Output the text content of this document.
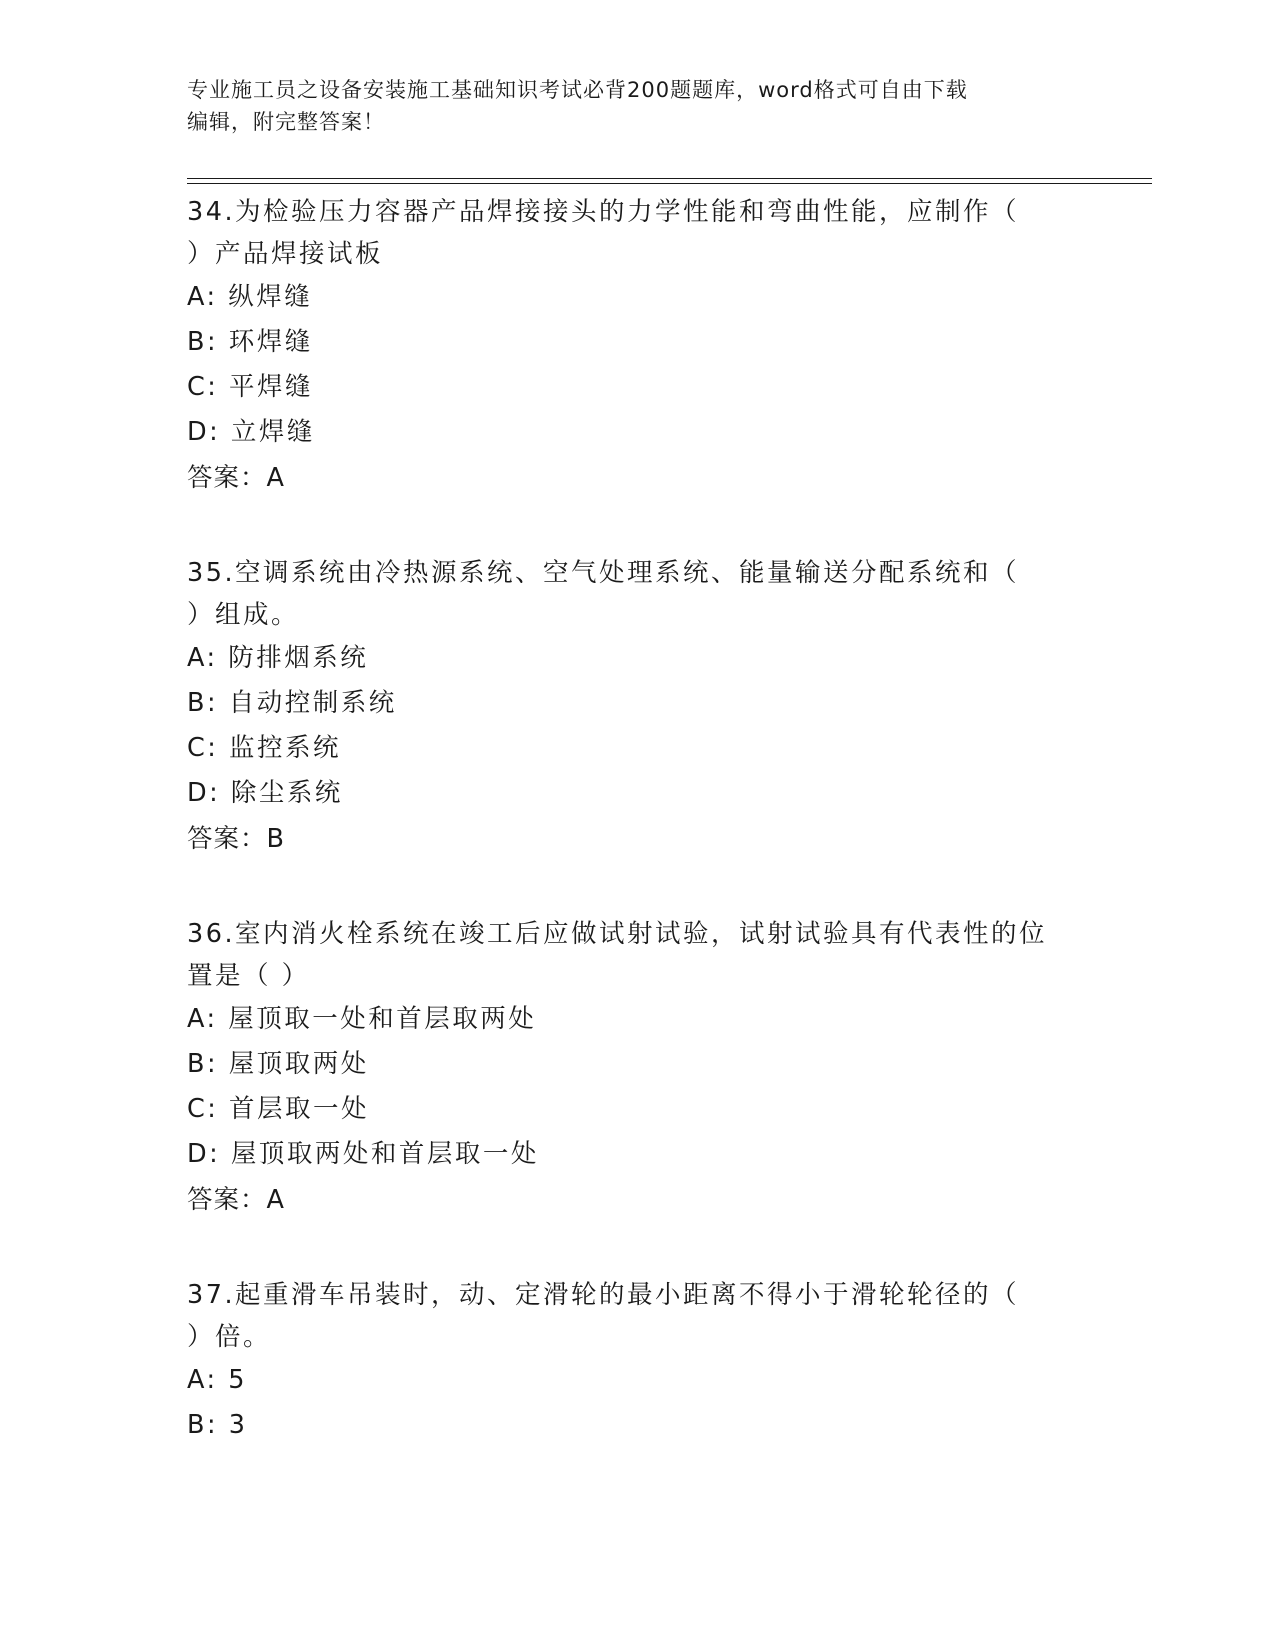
专业施工员之设备安装施工基础知识考试必背200题题库，word格式可自由下载
编辑，附完整答案！
34.为检验压力容器产品焊接接头的力学性能和弯曲性能，应制作（
）产品焊接试板
A: 纵焊缝
B: 环焊缝
C: 平焊缝
D: 立焊缝
答案：A
35.空调系统由冷热源系统、空气处理系统、能量输送分配系统和（
）组成。
A: 防排烟系统
B: 自动控制系统
C: 监控系统
D: 除尘系统
答案：B
36.室内消火栓系统在竣工后应做试射试验，试射试验具有代表性的位
置是（ ）
A: 屋顶取一处和首层取两处
B: 屋顶取两处
C: 首层取一处
D: 屋顶取两处和首层取一处
答案：A
37.起重滑车吊装时，动、定滑轮的最小距离不得小于滑轮轮径的（
）倍。
A: 5
B: 3
